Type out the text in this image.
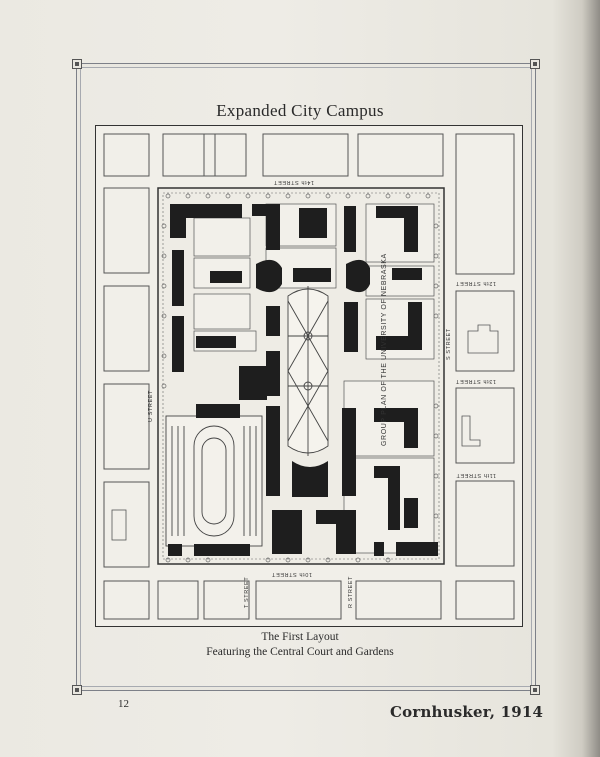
Expanded City Campus
14th STREET
10th STREET
U STREET
S STREET
12th STREET
13th STREET
11th STREET
T STREET	R STREET
GROUP PLAN OF THE UNIVERSITY OF NEBRASKA
The First Layout
Featuring the Central Court and Gardens
12	Cornhusker, 1914
